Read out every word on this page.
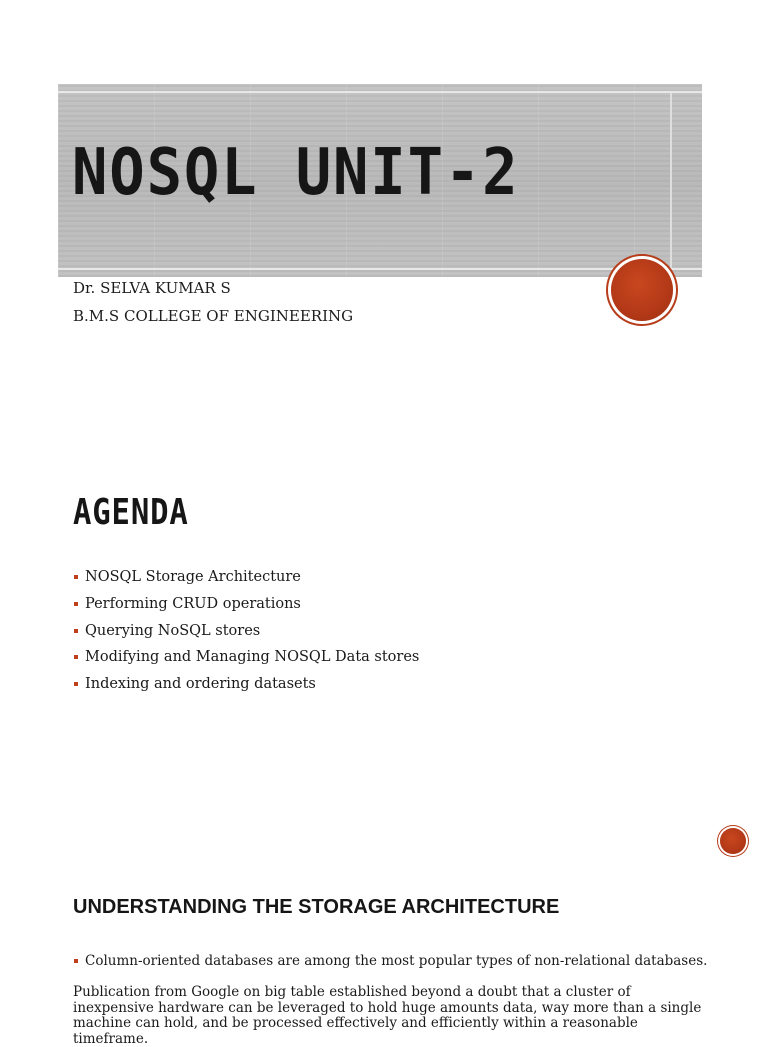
NOSQL UNIT-2
Dr. SELVA KUMAR S
B.M.S COLLEGE OF ENGINEERING
AGENDA
NOSQL Storage Architecture
Performing CRUD operations
Querying NoSQL stores
Modifying and Managing NOSQL Data stores
Indexing and ordering datasets
UNDERSTANDING THE STORAGE ARCHITECTURE
Column-oriented databases are among the most popular types of non-relational databases.

Publication from Google on big table established beyond a doubt that a cluster of inexpensive hardware can be leveraged to hold huge amounts data, way more than a single machine can hold, and be processed effectively and efficiently within a reasonable timeframe.
